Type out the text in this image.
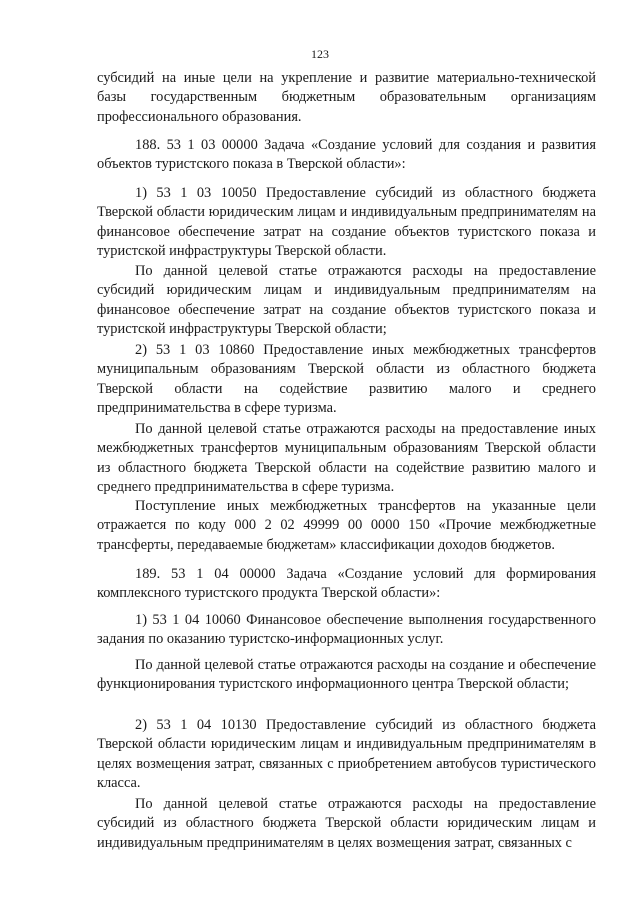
123

субсидий на иные цели на укрепление и развитие материально-технической базы государственным бюджетным образовательным организациям профессионального образования.

188. 53 1 03 00000 Задача «Создание условий для создания и развития объектов туристского показа в Тверской области»:

1) 53 1 03 10050 Предоставление субсидий из областного бюджета Тверской области юридическим лицам и индивидуальным предпринимателям на финансовое обеспечение затрат на создание объектов туристского показа и туристской инфраструктуры Тверской области.

По данной целевой статье отражаются расходы на предоставление субсидий юридическим лицам и индивидуальным предпринимателям на финансовое обеспечение затрат на создание объектов туристского показа и туристской инфраструктуры Тверской области;

2) 53 1 03 10860 Предоставление иных межбюджетных трансфертов муниципальным образованиям Тверской области из областного бюджета Тверской области на содействие развитию малого и среднего предпринимательства в сфере туризма.

По данной целевой статье отражаются расходы на предоставление иных межбюджетных трансфертов муниципальным образованиям Тверской области из областного бюджета Тверской области на содействие развитию малого и среднего предпринимательства в сфере туризма.

Поступление иных межбюджетных трансфертов на указанные цели отражается по коду 000 2 02 49999 00 0000 150 «Прочие межбюджетные трансферты, передаваемые бюджетам» классификации доходов бюджетов.

189. 53 1 04 00000 Задача «Создание условий для формирования комплексного туристского продукта Тверской области»:

1) 53 1 04 10060 Финансовое обеспечение выполнения государственного задания по оказанию туристско-информационных услуг.

По данной целевой статье отражаются расходы на создание и обеспечение функционирования туристского информационного центра Тверской области;

2) 53 1 04 10130 Предоставление субсидий из областного бюджета Тверской области юридическим лицам и индивидуальным предпринимателям в целях возмещения затрат, связанных с приобретением автобусов туристического класса.

По данной целевой статье отражаются расходы на предоставление субсидий из областного бюджета Тверской области юридическим лицам и индивидуальным предпринимателям в целях возмещения затрат, связанных с
